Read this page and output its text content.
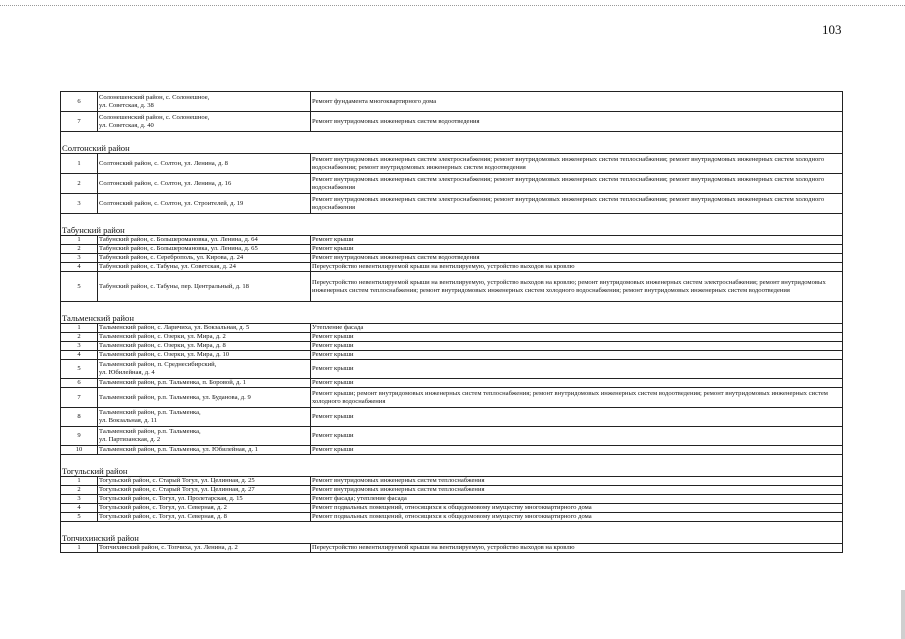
103
6	Солонешенский район, с. Солонешное,
ул. Советская, д. 38	Ремонт фундамента многоквартирного дома
7	Солонешенский район, с. Солонешное,
ул. Советская, д. 40	Ремонт внутридомовых инженерных систем водоотведения
Солтонский район		
1	Солтонский район, с. Солтон, ул. Ленина, д. 8	Ремонт внутридомовых инженерных систем электроснабжения; ремонт внутридомовых инженерных систем теплоснабжения; ремонт внутридомовых инженерных систем холодного водоснабжения; ремонт внутридомовых инженерных систем водоотведения
2	Солтонский район, с. Солтон, ул. Ленина, д. 16	Ремонт внутридомовых инженерных систем электроснабжения; ремонт внутридомовых инженерных систем теплоснабжения; ремонт внутридомовых инженерных систем холодного водоснабжения
3	Солтонский район, с. Солтон, ул. Строителей, д. 19	Ремонт внутридомовых инженерных систем электроснабжения; ремонт внутридомовых инженерных систем теплоснабжения; ремонт внутридомовых инженерных систем холодного водоснабжения
Табунский район		
1	Табунский район, с. Большеромановка, ул. Ленина, д. 64	Ремонт крыши
2	Табунский район, с. Большеромановка, ул. Ленина, д. 65	Ремонт крыши
3	Табунский район, с. Сереброполь, ул. Кирова, д. 24	Ремонт внутридомовых инженерных систем водоотведения
4	Табунский район, с. Табуны, ул. Советская, д. 24	Переустройство невентилируемой крыши на вентилируемую, устройство выходов на кровлю
5	Табунский район, с. Табуны, пер. Центральный, д. 18	Переустройство невентилируемой крыши на вентилируемую, устройство выходов на кровлю; ремонт внутридомовых инженерных систем электроснабжения; ремонт внутридомовых инженерных систем теплоснабжения; ремонт внутридомовых инженерных систем холодного водоснабжения; ремонт внутридомовых инженерных систем водоотведения
Тальменский район		
1	Тальменский район, с. Ларичиха, ул. Вокзальная, д. 5	Утепление фасада
2	Тальменский район, с. Озерки, ул. Мира, д. 2	Ремонт крыши
3	Тальменский район, с. Озерки, ул. Мира, д. 8	Ремонт крыши
4	Тальменский район, с. Озерки, ул. Мира, д. 10	Ремонт крыши
5	Тальменский район, п. Среднесибирский,
ул. Юбилейная, д. 4	Ремонт крыши
6	Тальменский район, р.п. Тальменка, п. Боровой, д. 1	Ремонт крыши
7	Тальменский район, р.п. Тальменка, ул. Буданова, д. 9	Ремонт крыши; ремонт внутридомовых инженерных систем теплоснабжения; ремонт внутридомовых инженерных систем водоотведения; ремонт внутридомовых инженерных систем холодного водоснабжения
8	Тальменский район, р.п. Тальменка,
ул. Вокзальная, д. 11	Ремонт крыши
9	Тальменский район, р.п. Тальменка,
ул. Партизанская, д. 2	Ремонт крыши
10	Тальменский район, р.п. Тальменка, ул. Юбилейная, д. 1	Ремонт крыши
Тогульский район		
1	Тогульский район, с. Старый Тогул, ул. Целинная, д. 25	Ремонт внутридомовых инженерных систем теплоснабжения
2	Тогульский район, с. Старый Тогул, ул. Целинная, д. 27	Ремонт внутридомовых инженерных систем теплоснабжения
3	Тогульский район, с. Тогул, ул. Пролетарская, д. 15	Ремонт фасада; утепление фасада
4	Тогульский район, с. Тогул, ул. Северная, д. 2	Ремонт подвальных помещений, относящихся к общедомовому имуществу многоквартирного дома
5	Тогульский район, с. Тогул, ул. Северная, д. 8	Ремонт подвальных помещений, относящихся к общедомовому имуществу многоквартирного дома
Топчихинский район		
1	Топчихинский район, с. Топчиха, ул. Ленина, д. 2	Переустройство невентилируемой крыши на вентилируемую, устройство выходов на кровлю
